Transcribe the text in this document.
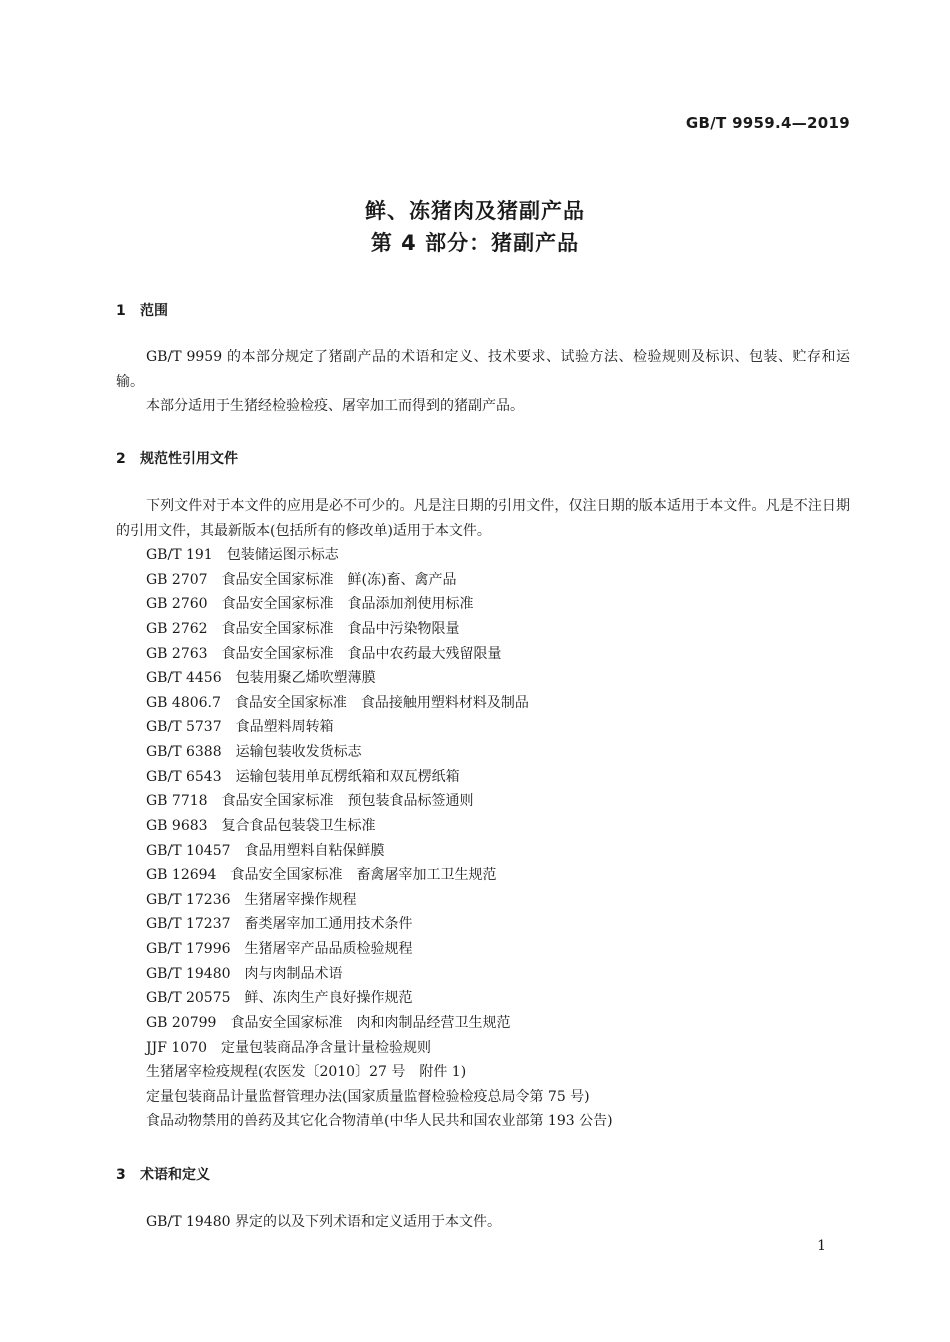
GB/T 9959.4—2019
鲜、冻猪肉及猪副产品
第 4 部分：猪副产品
1 范围

GB/T 9959 的本部分规定了猪副产品的术语和定义、技术要求、试验方法、检验规则及标识、包装、贮存和运输。

本部分适用于生猪经检验检疫、屠宰加工而得到的猪副产品。

2 规范性引用文件

下列文件对于本文件的应用是必不可少的。凡是注日期的引用文件，仅注日期的版本适用于本文件。凡是不注日期的引用文件，其最新版本(包括所有的修改单)适用于本文件。

GB/T 191 包装储运图示标志
GB 2707 食品安全国家标准　鲜(冻)畜、禽产品
GB 2760 食品安全国家标准　食品添加剂使用标准
GB 2762 食品安全国家标准　食品中污染物限量
GB 2763 食品安全国家标准　食品中农药最大残留限量
GB/T 4456 包装用聚乙烯吹塑薄膜
GB 4806.7 食品安全国家标准　食品接触用塑料材料及制品
GB/T 5737 食品塑料周转箱
GB/T 6388 运输包装收发货标志
GB/T 6543 运输包装用单瓦楞纸箱和双瓦楞纸箱
GB 7718 食品安全国家标准　预包装食品标签通则
GB 9683 复合食品包装袋卫生标准
GB/T 10457 食品用塑料自粘保鲜膜
GB 12694 食品安全国家标准　畜禽屠宰加工卫生规范
GB/T 17236 生猪屠宰操作规程
GB/T 17237 畜类屠宰加工通用技术条件
GB/T 17996 生猪屠宰产品品质检验规程
GB/T 19480 肉与肉制品术语
GB/T 20575 鲜、冻肉生产良好操作规范
GB 20799 食品安全国家标准　肉和肉制品经营卫生规范
JJF 1070 定量包装商品净含量计量检验规则
生猪屠宰检疫规程(农医发〔2010〕27 号　附件 1)
定量包装商品计量监督管理办法(国家质量监督检验检疫总局令第 75 号)
食品动物禁用的兽药及其它化合物清单(中华人民共和国农业部第 193 公告)
3 术语和定义

GB/T 19480 界定的以及下列术语和定义适用于本文件。

1
